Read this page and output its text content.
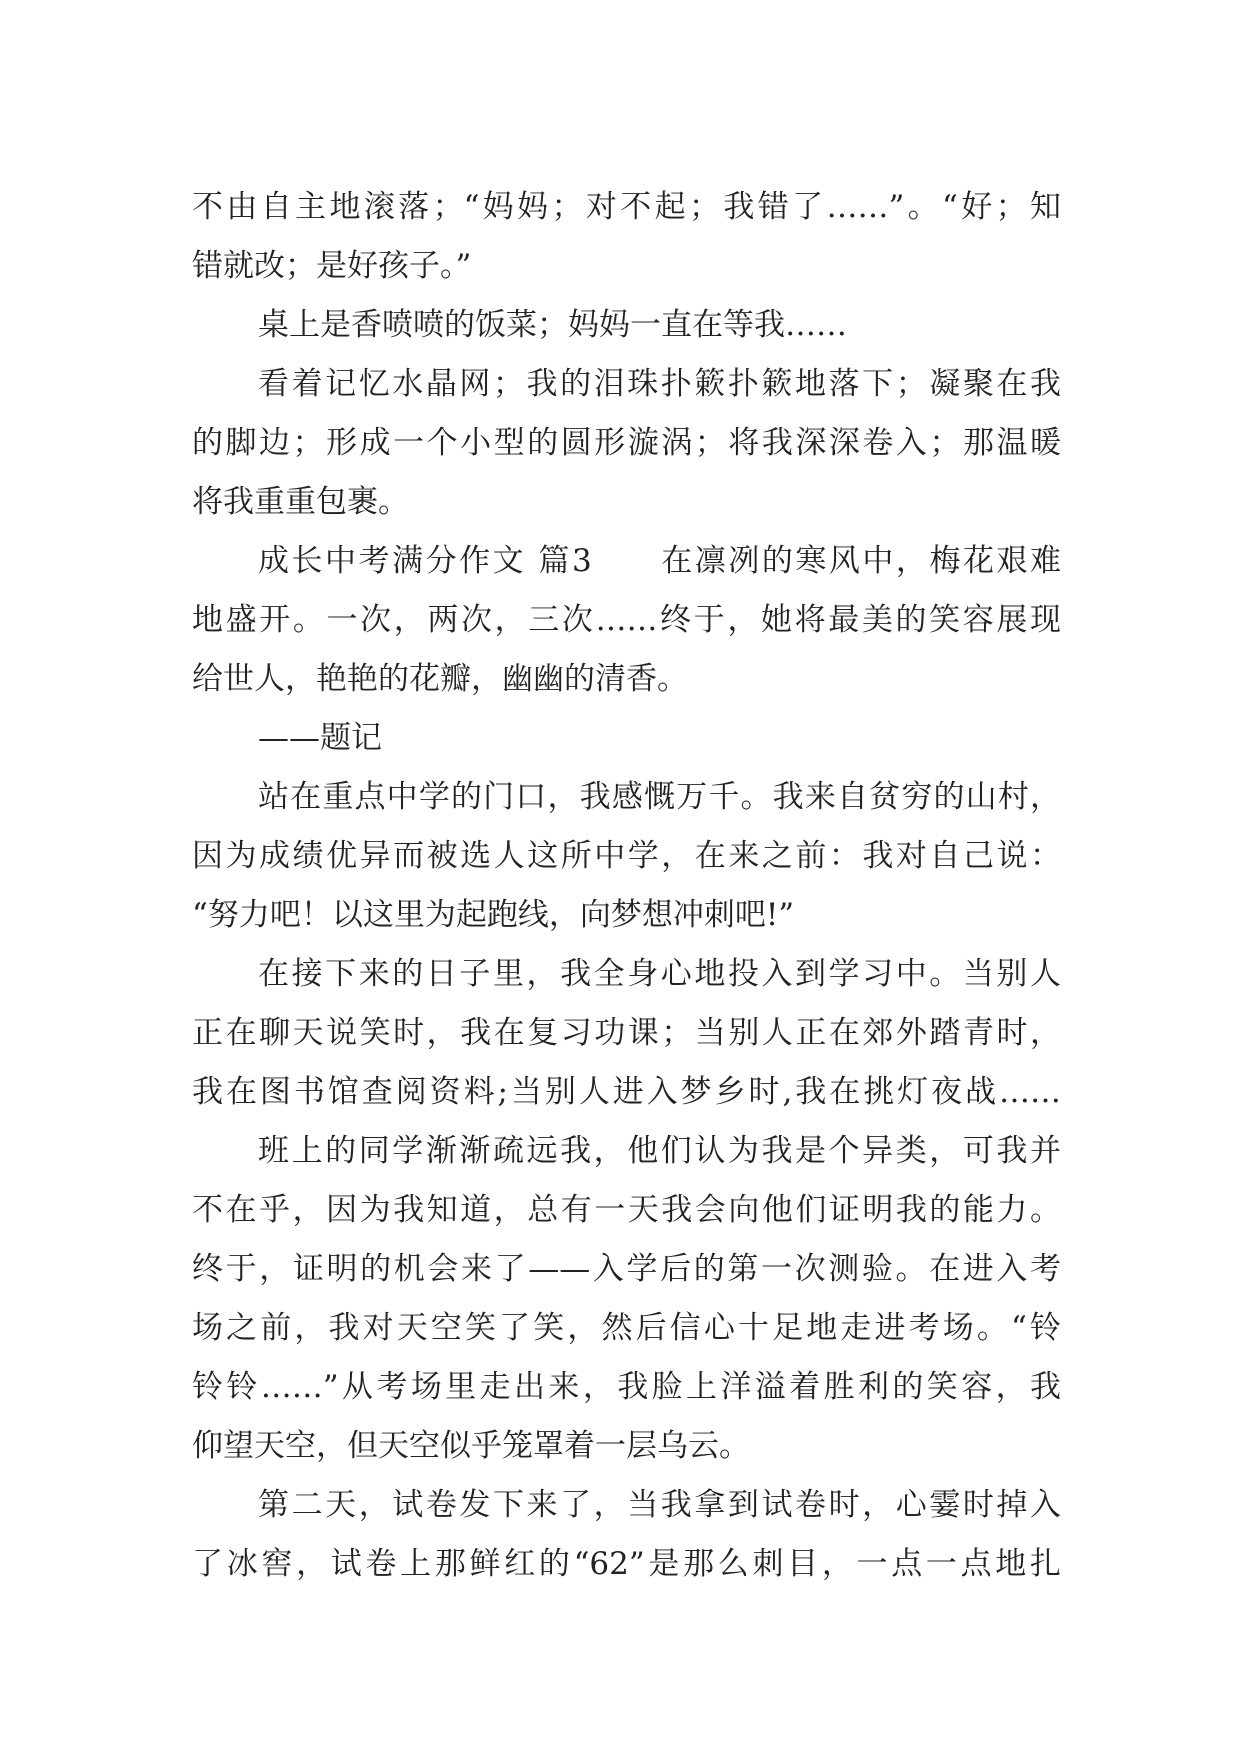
不由自主地滚落；“妈妈；对不起；我错了……”。“好；知
错就改；是好孩子。”
桌上是香喷喷的饭菜；妈妈一直在等我……
看着记忆水晶网；我的泪珠扑簌扑簌地落下；凝聚在我
的脚边；形成一个小型的圆形漩涡；将我深深卷入；那温暖
将我重重包裹。
成长中考满分作文 篇3　　在凛冽的寒风中，梅花艰难
地盛开。一次，两次，三次……终于，她将最美的笑容展现
给世人，艳艳的花瓣，幽幽的清香。
——题记
站在重点中学的门口，我感慨万千。我来自贫穷的山村，
因为成绩优异而被选人这所中学，在来之前：我对自己说：
“努力吧！以这里为起跑线，向梦想冲刺吧!”
在接下来的日子里，我全身心地投入到学习中。当别人
正在聊天说笑时，我在复习功课；当别人正在郊外踏青时，
我在图书馆查阅资料;当别人进入梦乡时,我在挑灯夜战……
班上的同学渐渐疏远我，他们认为我是个异类，可我并
不在乎，因为我知道，总有一天我会向他们证明我的能力。
终于，证明的机会来了——入学后的第一次测验。在进入考
场之前，我对天空笑了笑，然后信心十足地走进考场。“铃
铃铃……”从考场里走出来，我脸上洋溢着胜利的笑容，我
仰望天空，但天空似乎笼罩着一层乌云。
第二天，试卷发下来了，当我拿到试卷时，心霎时掉入
了冰窖，试卷上那鲜红的“62”是那么刺目，一点一点地扎
